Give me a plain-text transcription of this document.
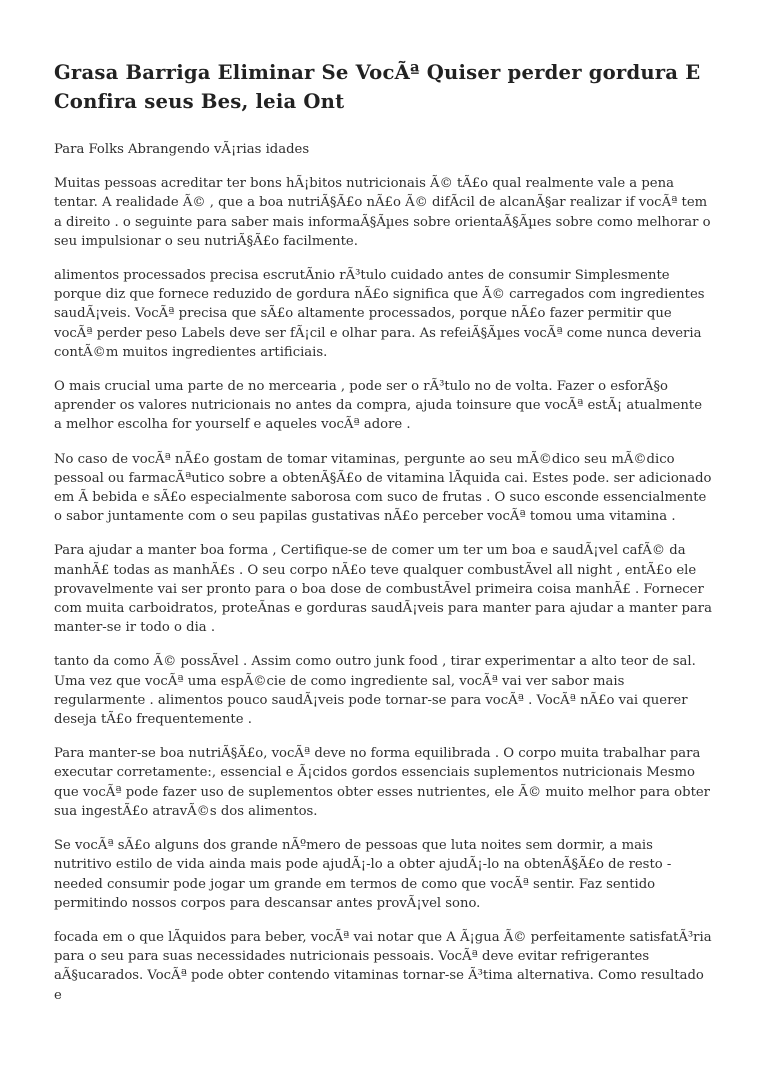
Grasa Barriga Eliminar Se VocÃª Quiser perder gordura E Confira seus Bes, leia Ont

Para Folks Abrangendo vÃ¡rias idades

Muitas pessoas acreditar ter bons hÃ¡bitos nutricionais Ã© tÃ£o qual realmente vale a pena tentar. A realidade Ã© , que a boa nutriÃ§Ã£o nÃ£o Ã© difÃcil de alcanÃ§ar realizar if vocÃª tem a direito . o seguinte para saber mais informaÃ§Ãµes sobre orientaÃ§Ãµes sobre como melhorar o seu impulsionar o seu nutriÃ§Ã£o facilmente.

alimentos processados precisa escrutÃnio rÃ³tulo cuidado antes de consumir Simplesmente porque diz que fornece reduzido de gordura nÃ£o significa que Ã© carregados com ingredientes saudÃ¡veis. VocÃª precisa que sÃ£o altamente processados, porque nÃ£o fazer permitir que vocÃª perder peso Labels deve ser fÃ¡cil e olhar para. As refeiÃ§Ãµes vocÃª come nunca deveria contÃ©m muitos ingredientes artificiais.

O mais crucial uma parte de no mercearia , pode ser o rÃ³tulo no de volta. Fazer o esforÃ§o aprender os valores nutricionais no antes da compra, ajuda toinsure que vocÃª estÃ¡ atualmente a melhor escolha for yourself e aqueles vocÃª adore .

No caso de vocÃª nÃ£o gostam de tomar vitaminas, pergunte ao seu mÃ©dico seu mÃ©dico pessoal ou farmacÃªutico sobre a obtenÃ§Ã£o de vitamina lÃquida cai. Estes pode. ser adicionado em Ã bebida e sÃ£o especialmente saborosa com suco de frutas . O suco esconde essencialmente o sabor juntamente com o seu papilas gustativas nÃ£o perceber vocÃª tomou uma vitamina .

Para ajudar a manter boa forma , Certifique-se de comer um ter um boa e saudÃ¡vel cafÃ© da manhÃ£ todas as manhÃ£s . O seu corpo nÃ£o teve qualquer combustÃvel all night , entÃ£o ele provavelmente vai ser pronto para o boa dose de combustÃvel primeira coisa manhÃ£ . Fornecer com muita carboidratos, proteÃnas e gorduras saudÃ¡veis para manter para ajudar a manter para manter-se ir todo o dia .

tanto da como Ã© possÃvel . Assim como outro junk food , tirar experimentar a alto teor de sal. Uma vez que vocÃª uma espÃ©cie de como ingrediente sal, vocÃª vai ver sabor mais regularmente . alimentos pouco saudÃ¡veis pode tornar-se para vocÃª . VocÃª nÃ£o vai querer deseja tÃ£o frequentemente .

Para manter-se boa nutriÃ§Ã£o, vocÃª deve no forma equilibrada . O corpo muita trabalhar para executar corretamente:, essencial e Ã¡cidos gordos essenciais suplementos nutricionais Mesmo que vocÃª pode fazer uso de suplementos obter esses nutrientes, ele Ã© muito melhor para obter sua ingestÃ£o atravÃ©s dos alimentos.

Se vocÃª sÃ£o alguns dos grande nÃºmero de pessoas que luta noites sem dormir, a mais nutritivo estilo de vida ainda mais pode ajudÃ¡-lo a obter ajudÃ¡-lo na obtenÃ§Ã£o de resto -needed consumir pode jogar um grande em termos de como que vocÃª sentir. Faz sentido permitindo nossos corpos para descansar antes provÃ¡vel sono.

focada em o que lÃquidos para beber, vocÃª vai notar que A Ã¡gua Ã© perfeitamente satisfatÃ³ria para o seu para suas necessidades nutricionais pessoais. VocÃª deve evitar refrigerantes aÃ§ucarados. VocÃª pode obter contendo vitaminas tornar-se Ã³tima alternativa. Como resultado e
